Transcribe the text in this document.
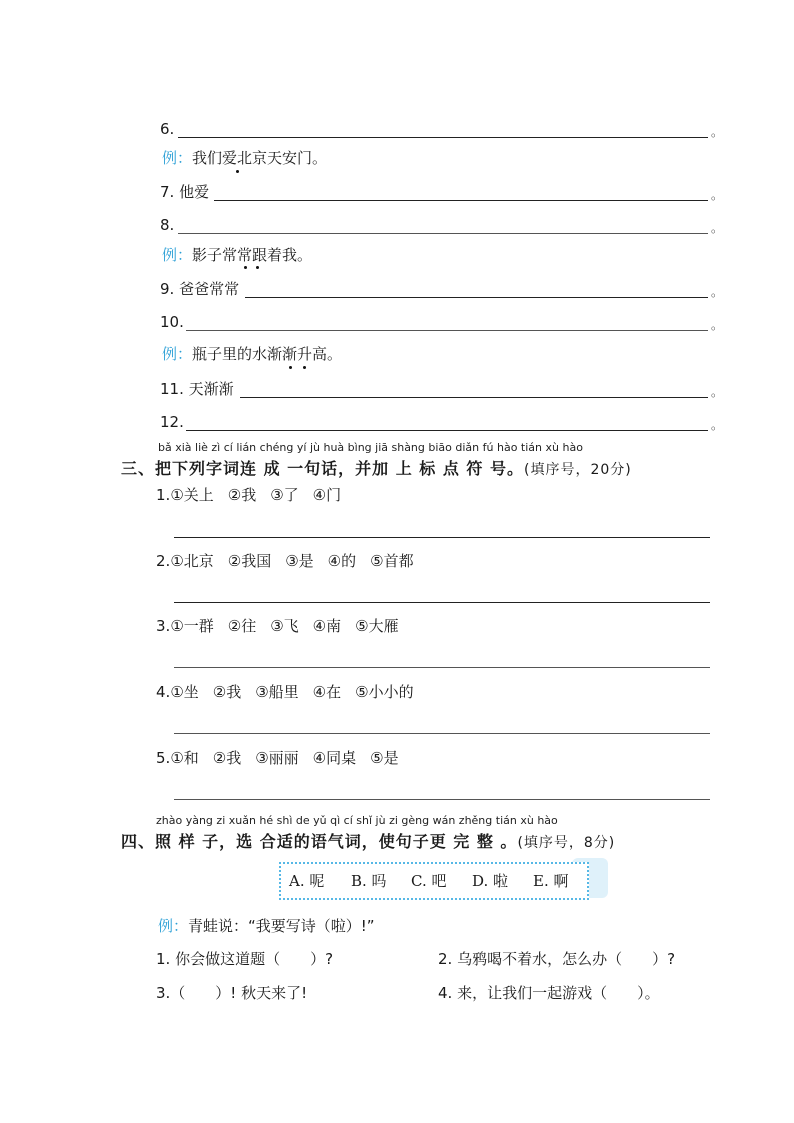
6.	。
例：我们爱北京天安门。
7. 他爱	。
8.	。
例：影子常常跟着我。
9. 爸爸常常	。
10.	。
例：瓶子里的水渐渐升高。
11. 天渐渐	。
12.	。
bǎ xià liè zì cí lián chéng yí jù huà bìng jiā shàng biāo diǎn fú hào tián xù hào
三、把下列字词连 成 一句话，并加 上 标 点 符 号。(填序号，20分)
1.①关上 ②我 ③了 ④门
2.①北京 ②我国 ③是 ④的 ⑤首都
3.①一群 ②往 ③飞 ④南 ⑤大雁
4.①坐 ②我 ③船里 ④在 ⑤小小的
5.①和 ②我 ③丽丽 ④同桌 ⑤是
zhào yàng zi xuǎn hé shì de yǔ qì cí shǐ jù zi gèng wán zhěng tián xù hào
四、照 样 子，选 合适的语气词，使句子更 完 整 。(填序号，8分)
A. 呢 B. 吗 C. 吧 D. 啦 E. 啊
例：青蛙说：“我要写诗（啦）!”
1. 你会做这道题（　　）?	2. 乌鸦喝不着水，怎么办（　　）?
3.（　　）! 秋天来了!	4. 来，让我们一起游戏（　　）。
